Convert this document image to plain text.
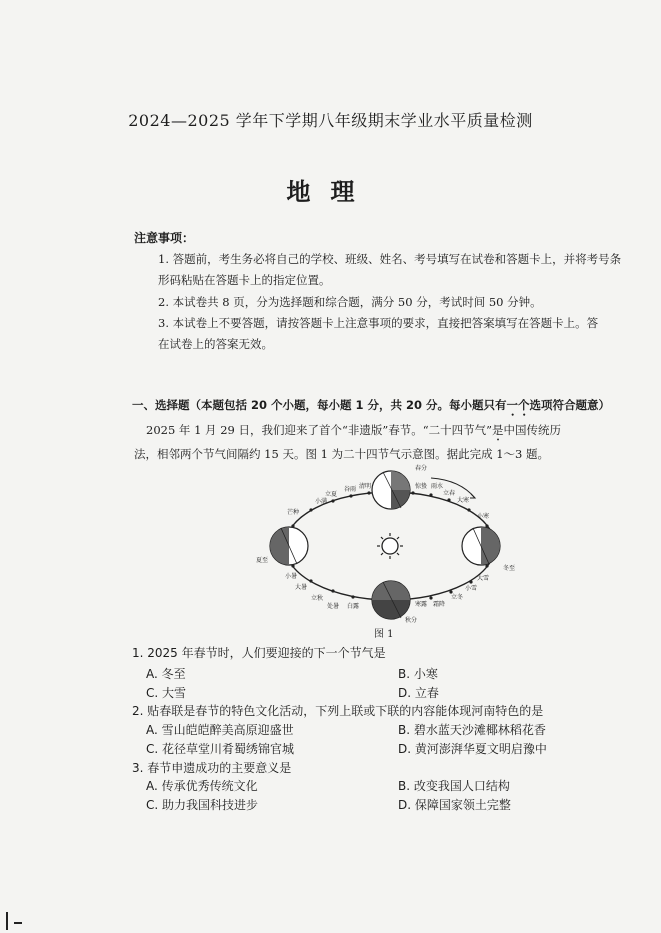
2024—2025 学年下学期八年级期末学业水平质量检测
地理
注意事项：
1. 答题前，考生务必将自己的学校、班级、姓名、考号填写在试卷和答题卡上，并将考号条
形码粘贴在答题卡上的指定位置。
2. 本试卷共 8 页，分为选择题和综合题，满分 50 分，考试时间 50 分钟。
3. 本试卷上不要答题，请按答题卡上注意事项的要求，直接把答案填写在答题卡上。答
在试卷上的答案无效。
一、选择题（本题包括 20 个小题，每小题 1 分，共 20 分。每小题只有一个选项符合题意）
2025 年 1 月 29 日，我们迎来了首个“非遗版”春节。“二十四节气”是中国传统历
法，相邻两个节气间隔约 15 天。图 1 为二十四节气示意图。据此完成 1～3 题。
春分
清明
谷雨
立夏
小满
芒种
夏至
小暑
大暑
立秋
处暑 白露
秋分
寒露 霜降
立冬
小雪
大雪
冬至
小寒
大寒
立春
雨水
惊蛰
图 1
1. 2025 年春节时，人们要迎接的下一个节气是
A. 冬至	B. 小寒
C. 大雪	D. 立春
2. 贴春联是春节的特色文化活动，下列上联或下联的内容能体现河南特色的是
A. 雪山皑皑醉美高原迎盛世	B. 碧水蓝天沙滩椰林稻花香
C. 花径草堂川肴蜀绣锦官城	D. 黄河澎湃华夏文明启豫中
3. 春节申遗成功的主要意义是
A. 传承优秀传统文化	B. 改变我国人口结构
C. 助力我国科技进步	D. 保障国家领土完整
